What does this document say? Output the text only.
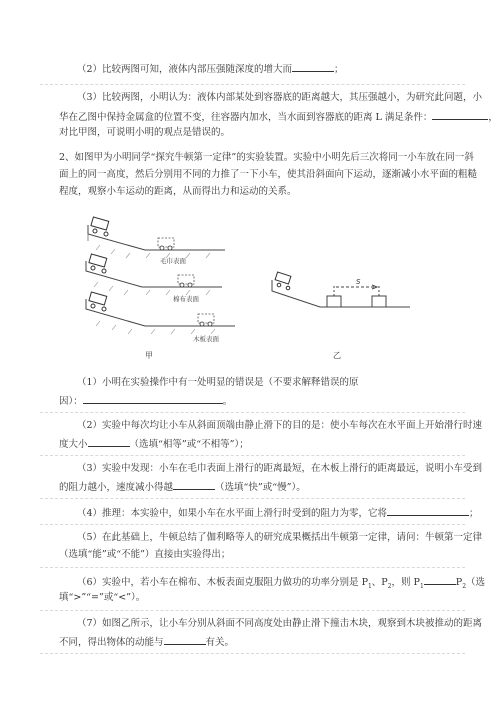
（2）比较两图可知，液体内部压强随深度的增大而	；
（3）比较两图，小明认为：液体内部某处到容器底的距离越大，其压强越小，为研究此问题，小
华在乙图中保持金属盒的位置不变，往容器内加水，当水面到容器底的距离 L 满足条件：	，
对比甲图，可说明小明的观点是错误的。
2、如图甲为小明同学“探究牛顿第一定律”的实验装置。实验中小明先后三次将同一小车放在同一斜
面上的同一高度，然后分别用不同的力推了一下小车，使其沿斜面向下运动，逐渐减小水平面的粗糙
程度，观察小车运动的距离，从而得出力和运动的关系。
毛巾表面
棉布表面
木板表面
甲
S
乙
（1）小明在实验操作中有一处明显的错误是（不要求解释错误的原
因）：	。
（2）实验中每次均让小车从斜面顶端由静止滑下的目的是：使小车每次在水平面上开始滑行时速
度大小	（选填“相等”或“不相等”）；
（3）实验中发现：小车在毛巾表面上滑行的距离最短，在木板上滑行的距离最远，说明小车受到
的阻力越小，速度减小得越	（选填“快”或“慢”）。
（4）推理：本实验中，如果小车在水平面上滑行时受到的阻力为零，它将	；
（5）在此基础上，牛顿总结了伽利略等人的研究成果概括出牛顿第一定律，请问：牛顿第一定律
（选填“能”或“不能”）直接由实验得出；
（6）实验中，若小车在棉布、木板表面克服阻力做功的功率分别是 $P_1$、$P_2$，则 $P_1$	$P_2$（选
填“>”“=”或“<”）。
（7）如图乙所示，让小车分别从斜面不同高度处由静止滑下撞击木块，观察到木块被推动的距离
不同，得出物体的动能与	有关。
